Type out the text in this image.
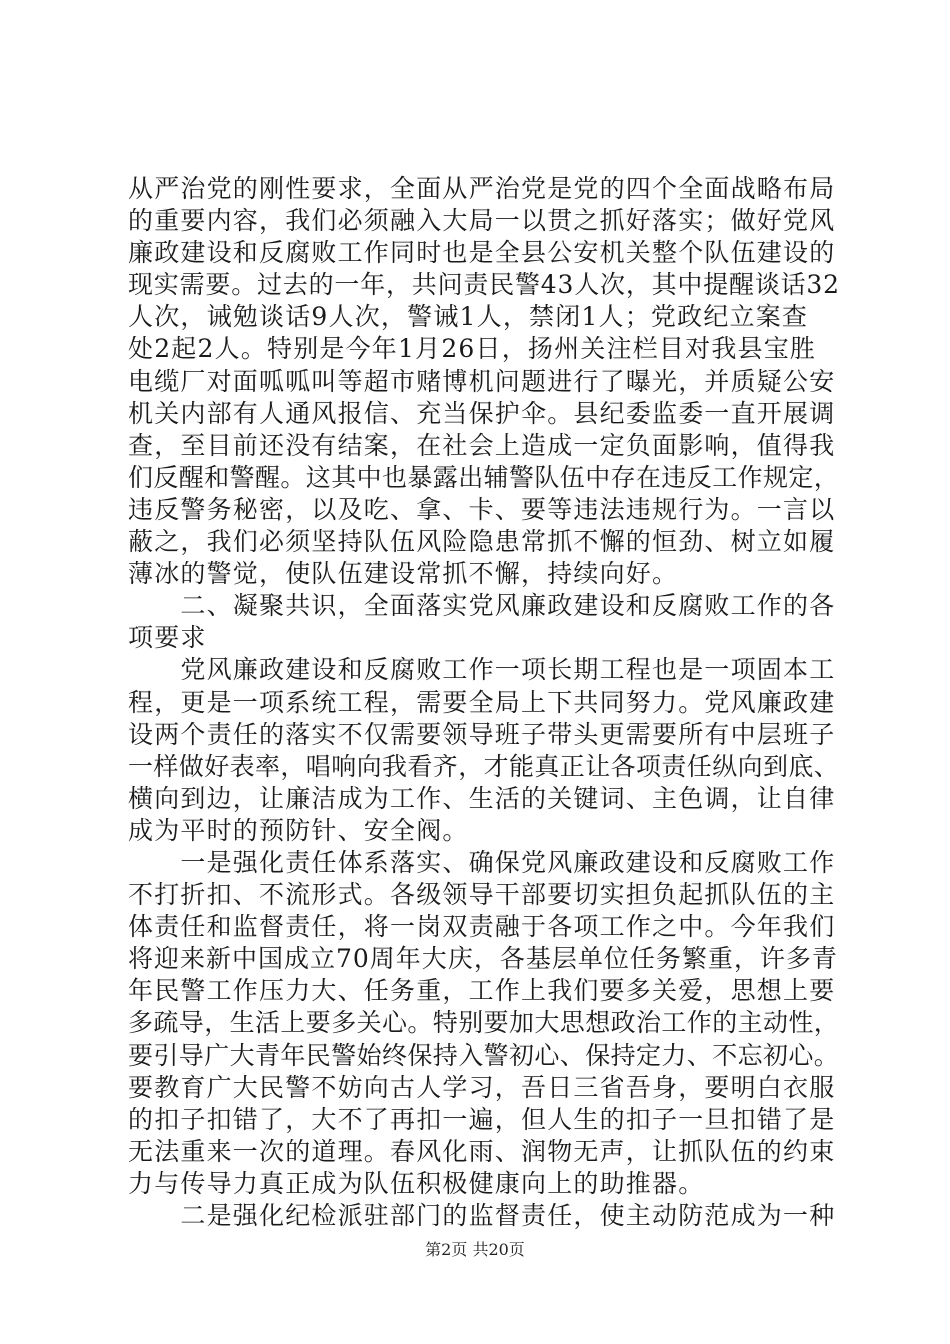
从严治党的刚性要求，全面从严治党是党的四个全面战略布局
的重要内容，我们必须融入大局一以贯之抓好落实；做好党风
廉政建设和反腐败工作同时也是全县公安机关整个队伍建设的
现实需要。过去的一年，共问责民警43人次，其中提醒谈话32
人次，诫勉谈话9人次，警诫1人，禁闭1人；党政纪立案查
处2起2人。特别是今年1月26日，扬州关注栏目对我县宝胜
电缆厂对面呱呱叫等超市赌博机问题进行了曝光，并质疑公安
机关内部有人通风报信、充当保护伞。县纪委监委一直开展调
查，至目前还没有结案，在社会上造成一定负面影响，值得我
们反醒和警醒。这其中也暴露出辅警队伍中存在违反工作规定，
违反警务秘密，以及吃、拿、卡、要等违法违规行为。一言以
蔽之，我们必须坚持队伍风险隐患常抓不懈的恒劲、树立如履
薄冰的警觉，使队伍建设常抓不懈，持续向好。
　　二、凝聚共识，全面落实党风廉政建设和反腐败工作的各
项要求
　　党风廉政建设和反腐败工作一项长期工程也是一项固本工
程，更是一项系统工程，需要全局上下共同努力。党风廉政建
设两个责任的落实不仅需要领导班子带头更需要所有中层班子
一样做好表率，唱响向我看齐，才能真正让各项责任纵向到底、
横向到边，让廉洁成为工作、生活的关键词、主色调，让自律
成为平时的预防针、安全阀。
　　一是强化责任体系落实、确保党风廉政建设和反腐败工作
不打折扣、不流形式。各级领导干部要切实担负起抓队伍的主
体责任和监督责任，将一岗双责融于各项工作之中。今年我们
将迎来新中国成立70周年大庆，各基层单位任务繁重，许多青
年民警工作压力大、任务重，工作上我们要多关爱，思想上要
多疏导，生活上要多关心。特别要加大思想政治工作的主动性，
要引导广大青年民警始终保持入警初心、保持定力、不忘初心。
要教育广大民警不妨向古人学习，吾日三省吾身，要明白衣服
的扣子扣错了，大不了再扣一遍，但人生的扣子一旦扣错了是
无法重来一次的道理。春风化雨、润物无声，让抓队伍的约束
力与传导力真正成为队伍积极健康向上的助推器。
　　二是强化纪检派驻部门的监督责任，使主动防范成为一种
第2页 共20页
